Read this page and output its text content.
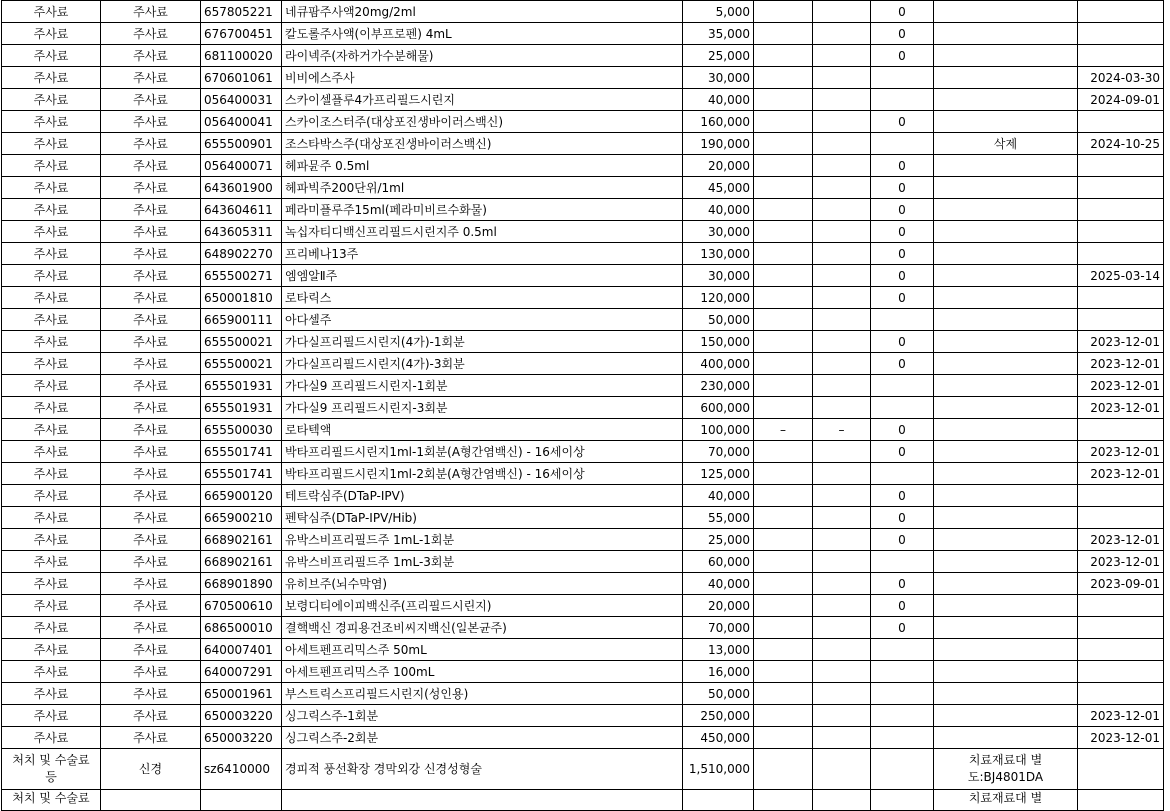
주사료	주사료	657805221	네큐팜주사액20mg/2ml	5,000			0		
주사료	주사료	676700451	칼도롤주사액(이부프로펜) 4mL	35,000			0		
주사료	주사료	681100020	라이넥주(자하거가수분해물)	25,000			0		
주사료	주사료	670601061	비비에스주사	30,000					2024-03-30
주사료	주사료	056400031	스카이셀플루4가프리필드시린지	40,000					2024-09-01
주사료	주사료	056400041	스카이조스터주(대상포진생바이러스백신)	160,000			0		
주사료	주사료	655500901	조스타박스주(대상포진생바이러스백신)	190,000				삭제	2024-10-25
주사료	주사료	056400071	헤파뮨주 0.5ml	20,000			0		
주사료	주사료	643601900	헤파빅주200단위/1ml	45,000			0		
주사료	주사료	643604611	페라미플루주15ml(페라미비르수화물)	40,000			0		
주사료	주사료	643605311	녹십자티디백신프리필드시린지주 0.5ml	30,000			0		
주사료	주사료	648902270	프리베나13주	130,000			0		
주사료	주사료	655500271	엠엠알Ⅱ주	30,000			0		2025-03-14
주사료	주사료	650001810	로타릭스	120,000			0		
주사료	주사료	665900111	아다셀주	50,000					
주사료	주사료	655500021	가다실프리필드시린지(4가)-1회분	150,000			0		2023-12-01
주사료	주사료	655500021	가다실프리필드시린지(4가)-3회분	400,000			0		2023-12-01
주사료	주사료	655501931	가다실9 프리필드시린지-1회분	230,000					2023-12-01
주사료	주사료	655501931	가다실9 프리필드시린지-3회분	600,000					2023-12-01
주사료	주사료	655500030	로타텍액	100,000	–	–	0		
주사료	주사료	655501741	박타프리필드시린지1ml-1회분(A형간염백신) - 16세이상	70,000			0		2023-12-01
주사료	주사료	655501741	박타프리필드시린지1ml-2회분(A형간염백신) - 16세이상	125,000					2023-12-01
주사료	주사료	665900120	테트락심주(DTaP-IPV)	40,000			0		
주사료	주사료	665900210	펜탁심주(DTaP-IPV/Hib)	55,000			0		
주사료	주사료	668902161	유박스비프리필드주 1mL-1회분	25,000			0		2023-12-01
주사료	주사료	668902161	유박스비프리필드주 1mL-3회분	60,000					2023-12-01
주사료	주사료	668901890	유히브주(뇌수막염)	40,000			0		2023-09-01
주사료	주사료	670500610	보령디티에이피백신주(프리필드시린지)	20,000			0		
주사료	주사료	686500010	결핵백신 경피용건조비씨지백신(일본균주)	70,000			0		
주사료	주사료	640007401	아세트펜프리믹스주 50mL	13,000					
주사료	주사료	640007291	아세트펜프리믹스주 100mL	16,000					
주사료	주사료	650001961	부스트릭스프리필드시린지(성인용)	50,000					
주사료	주사료	650003220	싱그릭스주-1회분	250,000					2023-12-01
주사료	주사료	650003220	싱그릭스주-2회분	450,000					2023-12-01
처치 및 수술료 등	신경	sz6410000	경피적 풍선확장 경막외강 신경성형술	1,510,000				치료재료대 별도:BJ4801DA	
처치 및 수술료								치료재료대 별	
